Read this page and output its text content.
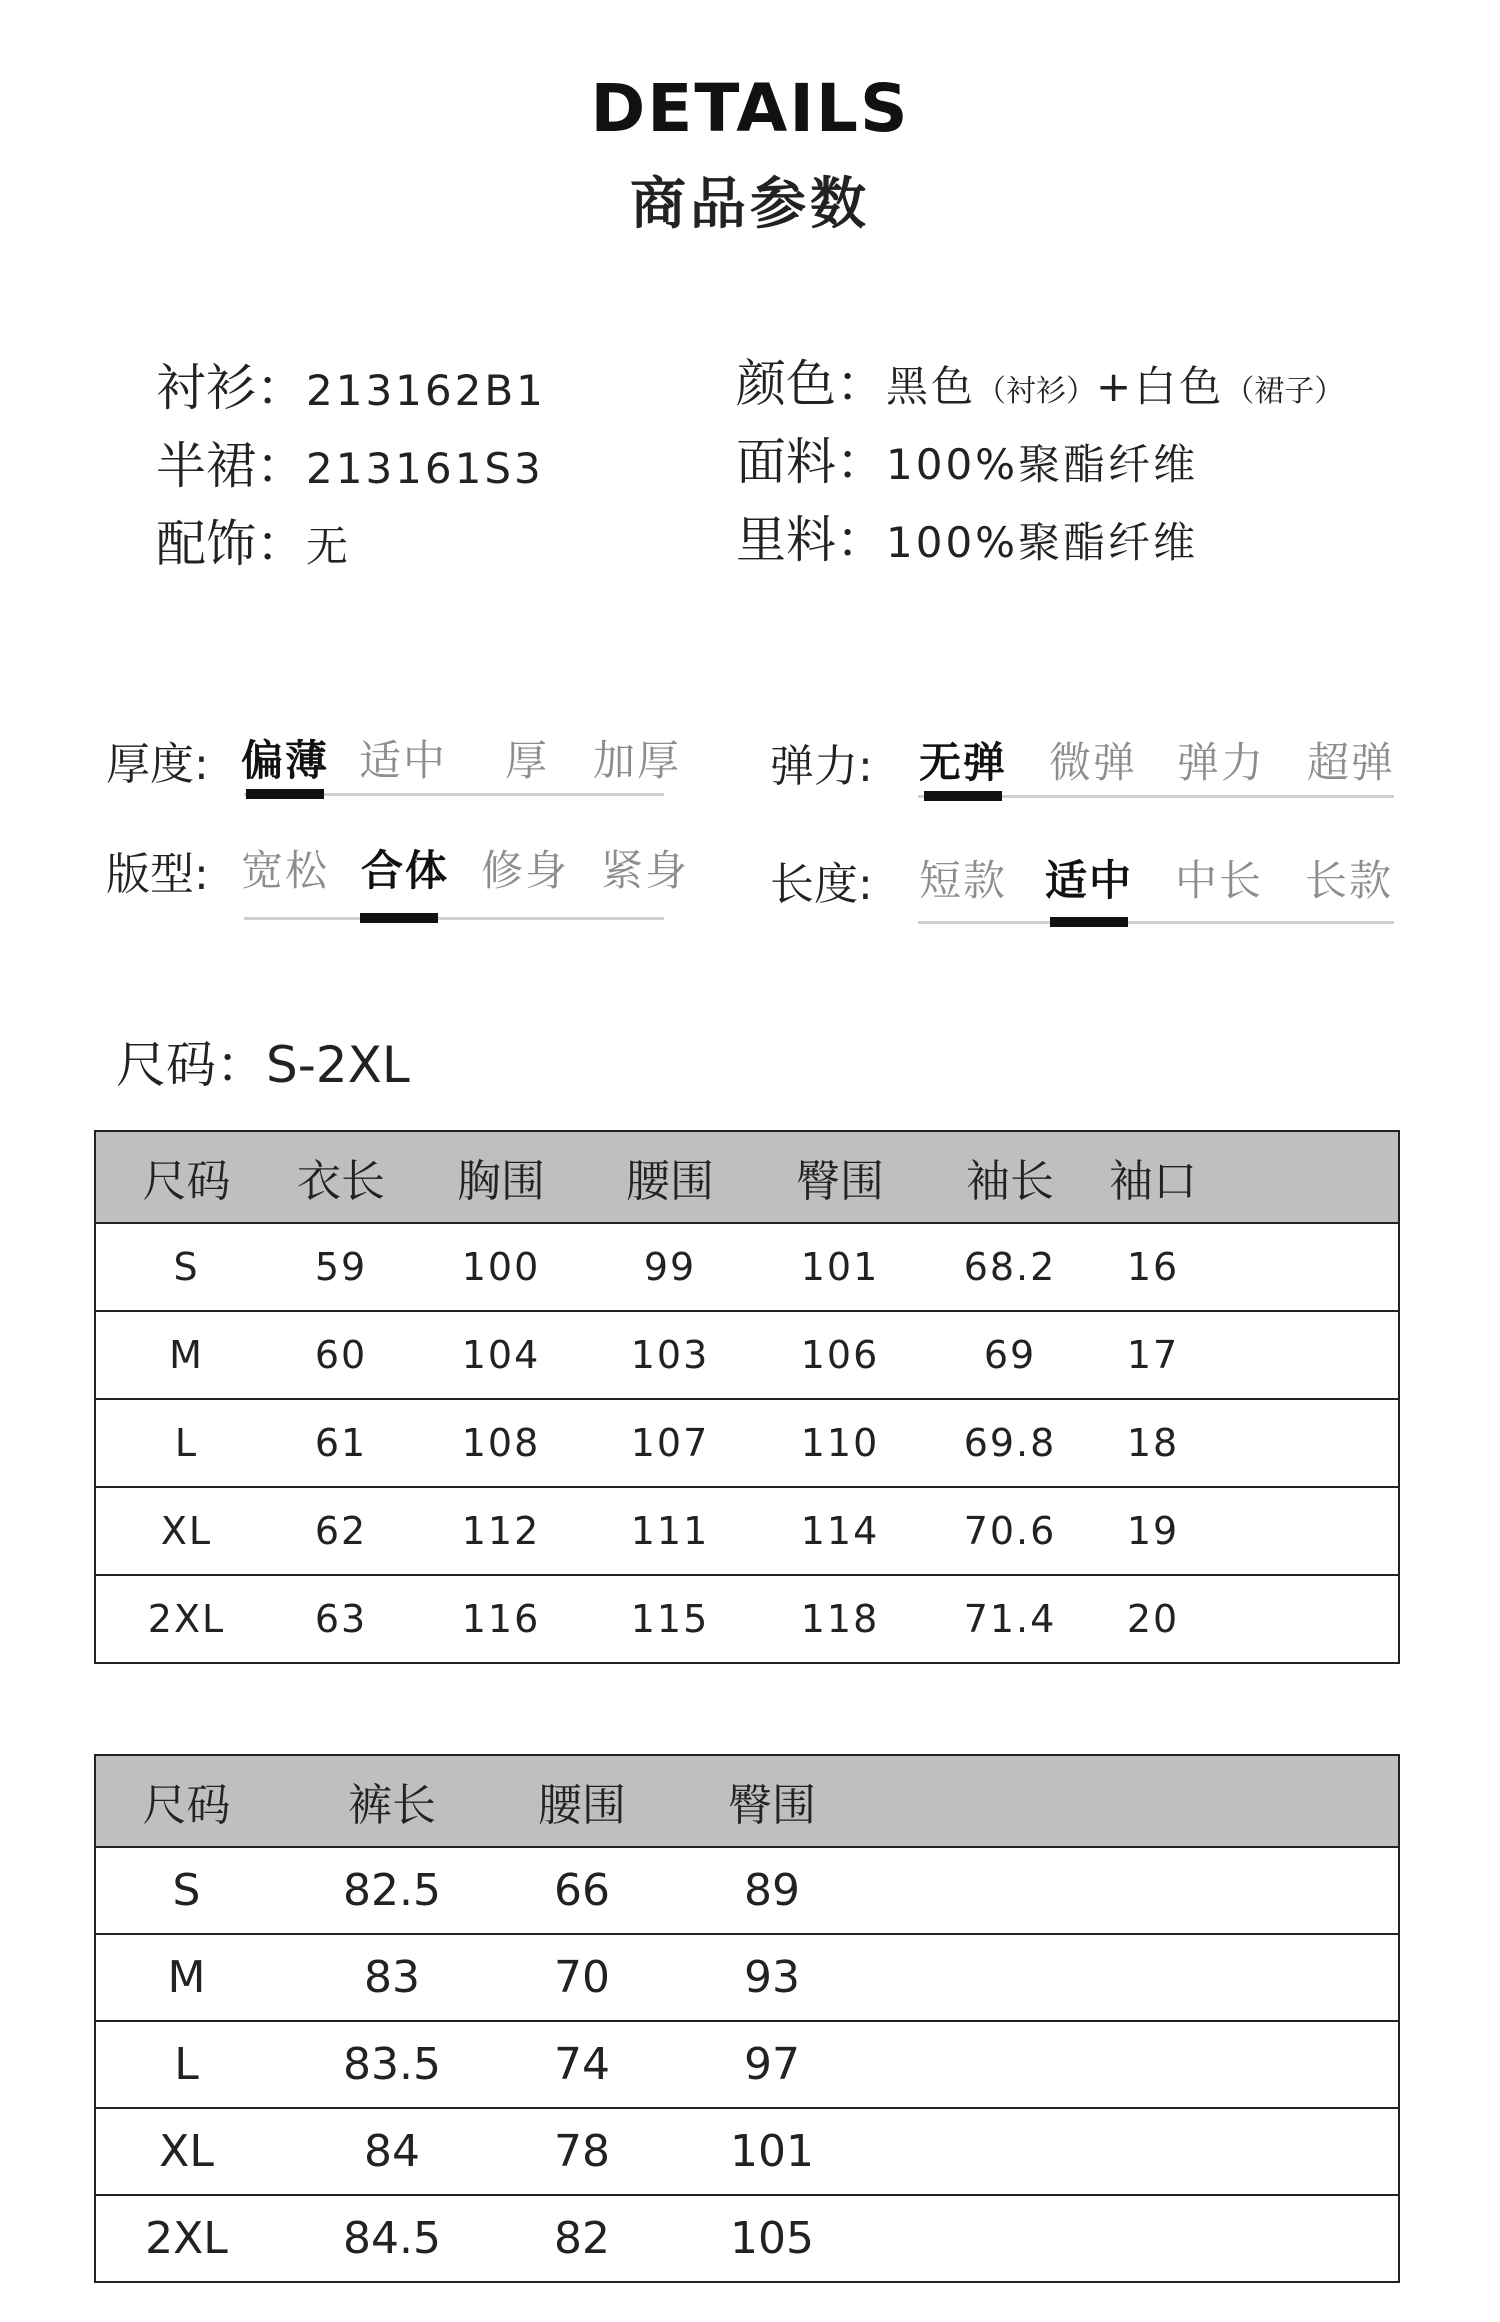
DETAILS
商品参数
衬衫： 213162B1
半裙： 213161S3
配饰： 无
颜色： 黑色 （衬衫） +白色 （裙子）
面料： 100%聚酯纤维
里料： 100%聚酯纤维
厚度: 偏薄 适中	厚	加厚
版型: 宽松 合体 修身 紧身
弹力: 无弹 微弹 弹力 超弹
长度: 短款 适中 中长 长款
尺码：S-2XL
尺码	衣长	胸围	腰围	臀围	袖长	袖口	
S	59	100	99	101	68.2	16	
M	60	104	103	106	69	17	
L	61	108	107	110	69.8	18	
XL	62	112	111	114	70.6	19	
2XL	63	116	115	118	71.4	20	
尺码	裤长	腰围	臀围	
S	82.5	66	89	
M	83	70	93	
L	83.5	74	97	
XL	84	78	101	
2XL	84.5	82	105	
